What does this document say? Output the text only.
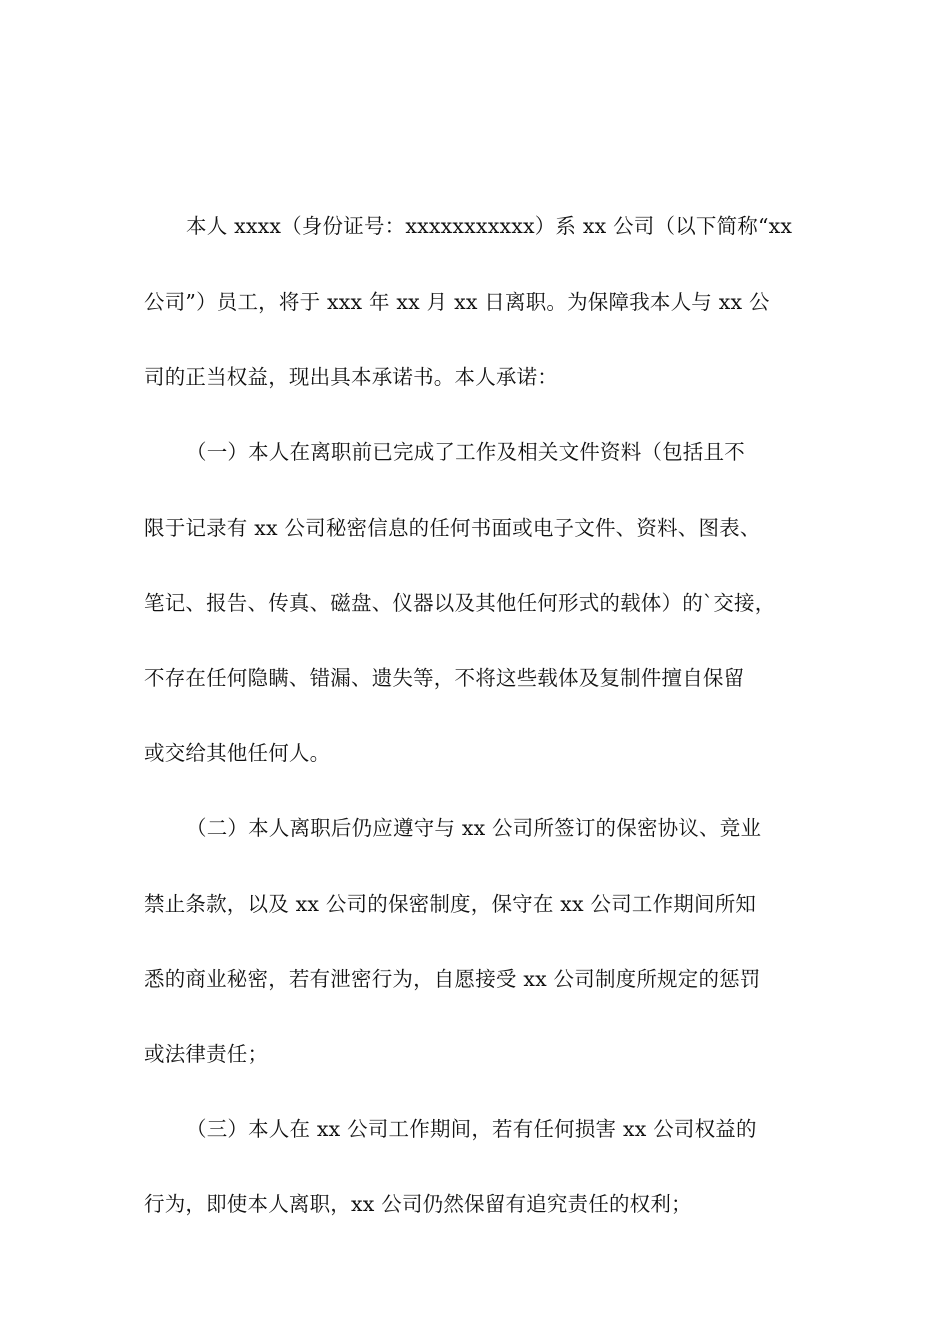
本人 xxxx（身份证号：xxxxxxxxxxx）系 xx 公司（以下简称“xx
公司”）员工，将于 xxx 年 xx 月 xx 日离职。为保障我本人与 xx 公
司的正当权益，现出具本承诺书。本人承诺：
（一）本人在离职前已完成了工作及相关文件资料（包括且不
限于记录有 xx 公司秘密信息的任何书面或电子文件、资料、图表、
笔记、报告、传真、磁盘、仪器以及其他任何形式的载体）的`交接，
不存在任何隐瞒、错漏、遗失等，不将这些载体及复制件擅自保留
或交给其他任何人。
（二）本人离职后仍应遵守与 xx 公司所签订的保密协议、竞业
禁止条款，以及 xx 公司的保密制度，保守在 xx 公司工作期间所知
悉的商业秘密，若有泄密行为，自愿接受 xx 公司制度所规定的惩罚
或法律责任；
（三）本人在 xx 公司工作期间，若有任何损害 xx 公司权益的
行为，即使本人离职，xx 公司仍然保留有追究责任的权利；
